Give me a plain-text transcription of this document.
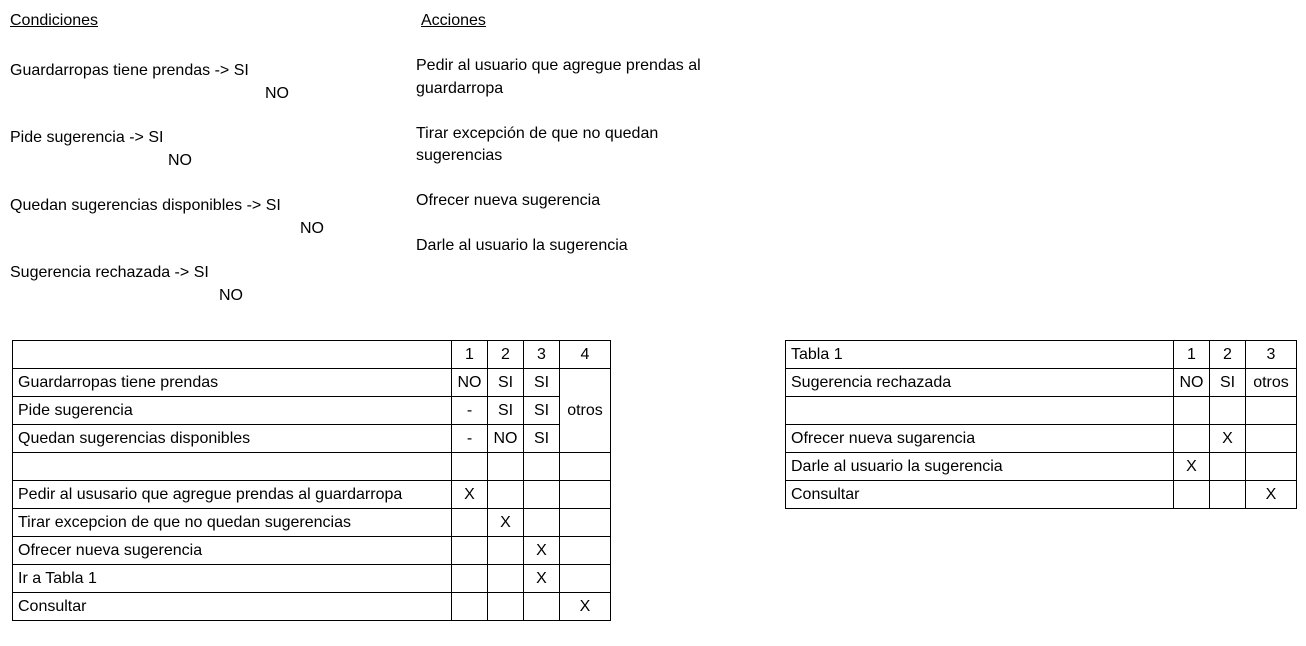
Condiciones	Acciones
Guardarropas tiene prendas -> SI
NO
Pide sugerencia -> SI
NO
Quedan sugerencias disponibles -> SI
NO
Sugerencia rechazada -> SI
NO
Pedir al usuario que agregue prendas al
guardarropa
Tirar excepción de que no quedan
sugerencias
Ofrecer nueva sugerencia
Darle al usuario la sugerencia
	1	2	3	4
Guardarropas tiene prendas	NO	SI	SI	otros
Pide sugerencia	-	SI	SI	
Quedan sugerencias disponibles	-	NO	SI	

Pedir al ususario que agregue prendas al guardarropa	X			
Tirar excepcion de que no quedan sugerencias		X		
Ofrecer nueva sugerencia			X	
Ir a Tabla 1			X	
Consultar				X
Tabla 1	1	2	3
Sugerencia rechazada	NO	SI	otros

Ofrecer nueva sugarencia		X	
Darle al usuario la sugerencia	X		
Consultar			X
